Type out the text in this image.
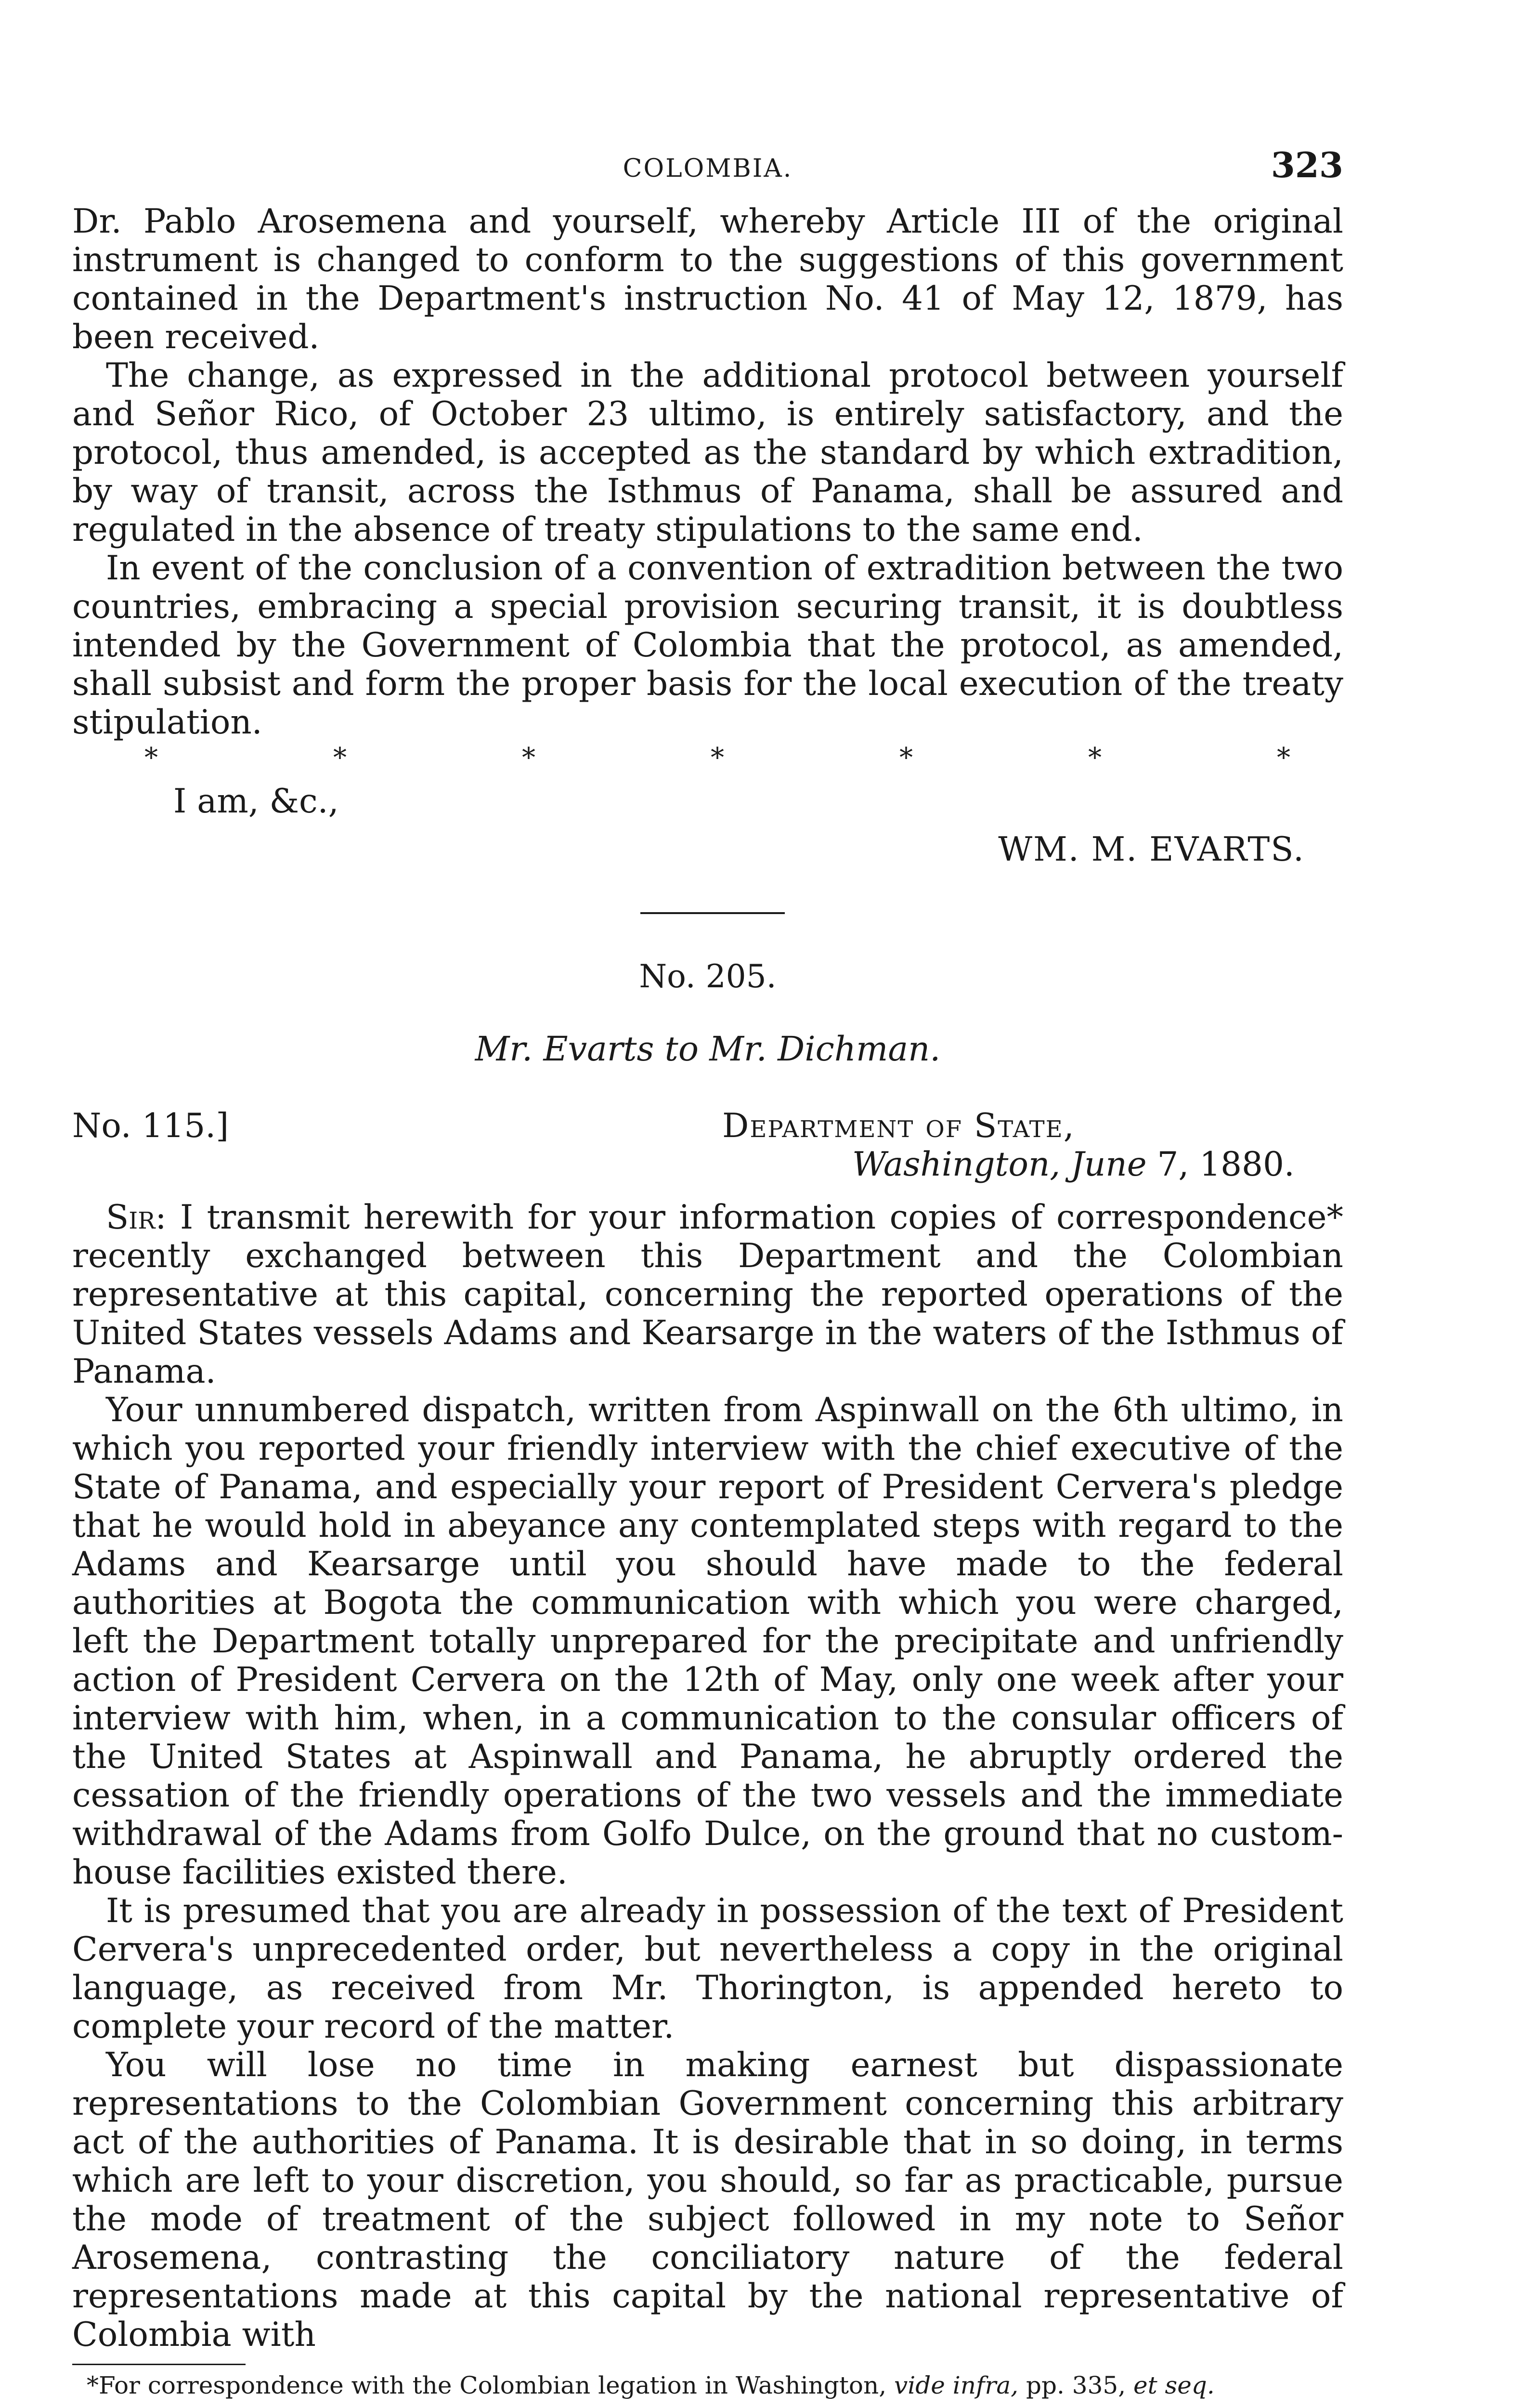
COLOMBIA.	323

Dr. Pablo Arosemena and yourself, whereby Article III of the original instrument is changed to conform to the suggestions of this government contained in the Department's instruction No. 41 of May 12, 1879, has been received.

The change, as expressed in the additional protocol between yourself and Señor Rico, of October 23 ultimo, is entirely satisfactory, and the protocol, thus amended, is accepted as the standard by which extradition, by way of transit, across the Isthmus of Panama, shall be assured and regulated in the absence of treaty stipulations to the same end.

In event of the conclusion of a convention of extradition between the two countries, embracing a special provision securing transit, it is doubtless intended by the Government of Colombia that the protocol, as amended, shall subsist and form the proper basis for the local execution of the treaty stipulation.

*	*	*	*	*	*	*
I am, &c.,
WM. M. EVARTS.
No. 205.
Mr. Evarts to Mr. Dichman.
No. 115.]	Department of State,
Washington, June 7, 1880.

Sir: I transmit herewith for your information copies of correspondence* recently exchanged between this Department and the Colombian representative at this capital, concerning the reported operations of the United States vessels Adams and Kearsarge in the waters of the Isthmus of Panama.

Your unnumbered dispatch, written from Aspinwall on the 6th ultimo, in which you reported your friendly interview with the chief executive of the State of Panama, and especially your report of President Cervera's pledge that he would hold in abeyance any contemplated steps with regard to the Adams and Kearsarge until you should have made to the federal authorities at Bogota the communication with which you were charged, left the Department totally unprepared for the precipitate and unfriendly action of President Cervera on the 12th of May, only one week after your interview with him, when, in a communication to the consular officers of the United States at Aspinwall and Panama, he abruptly ordered the cessation of the friendly operations of the two vessels and the immediate withdrawal of the Adams from Golfo Dulce, on the ground that no custom-house facilities existed there.

It is presumed that you are already in possession of the text of President Cervera's unprecedented order, but nevertheless a copy in the original language, as received from Mr. Thorington, is appended hereto to complete your record of the matter.

You will lose no time in making earnest but dispassionate representations to the Colombian Government concerning this arbitrary act of the authorities of Panama. It is desirable that in so doing, in terms which are left to your discretion, you should, so far as practicable, pursue the mode of treatment of the subject followed in my note to Señor Arosemena, contrasting the conciliatory nature of the federal representations made at this capital by the national representative of Colombia with

*For correspondence with the Colombian legation in Washington, vide infra, pp. 335, et seq.
